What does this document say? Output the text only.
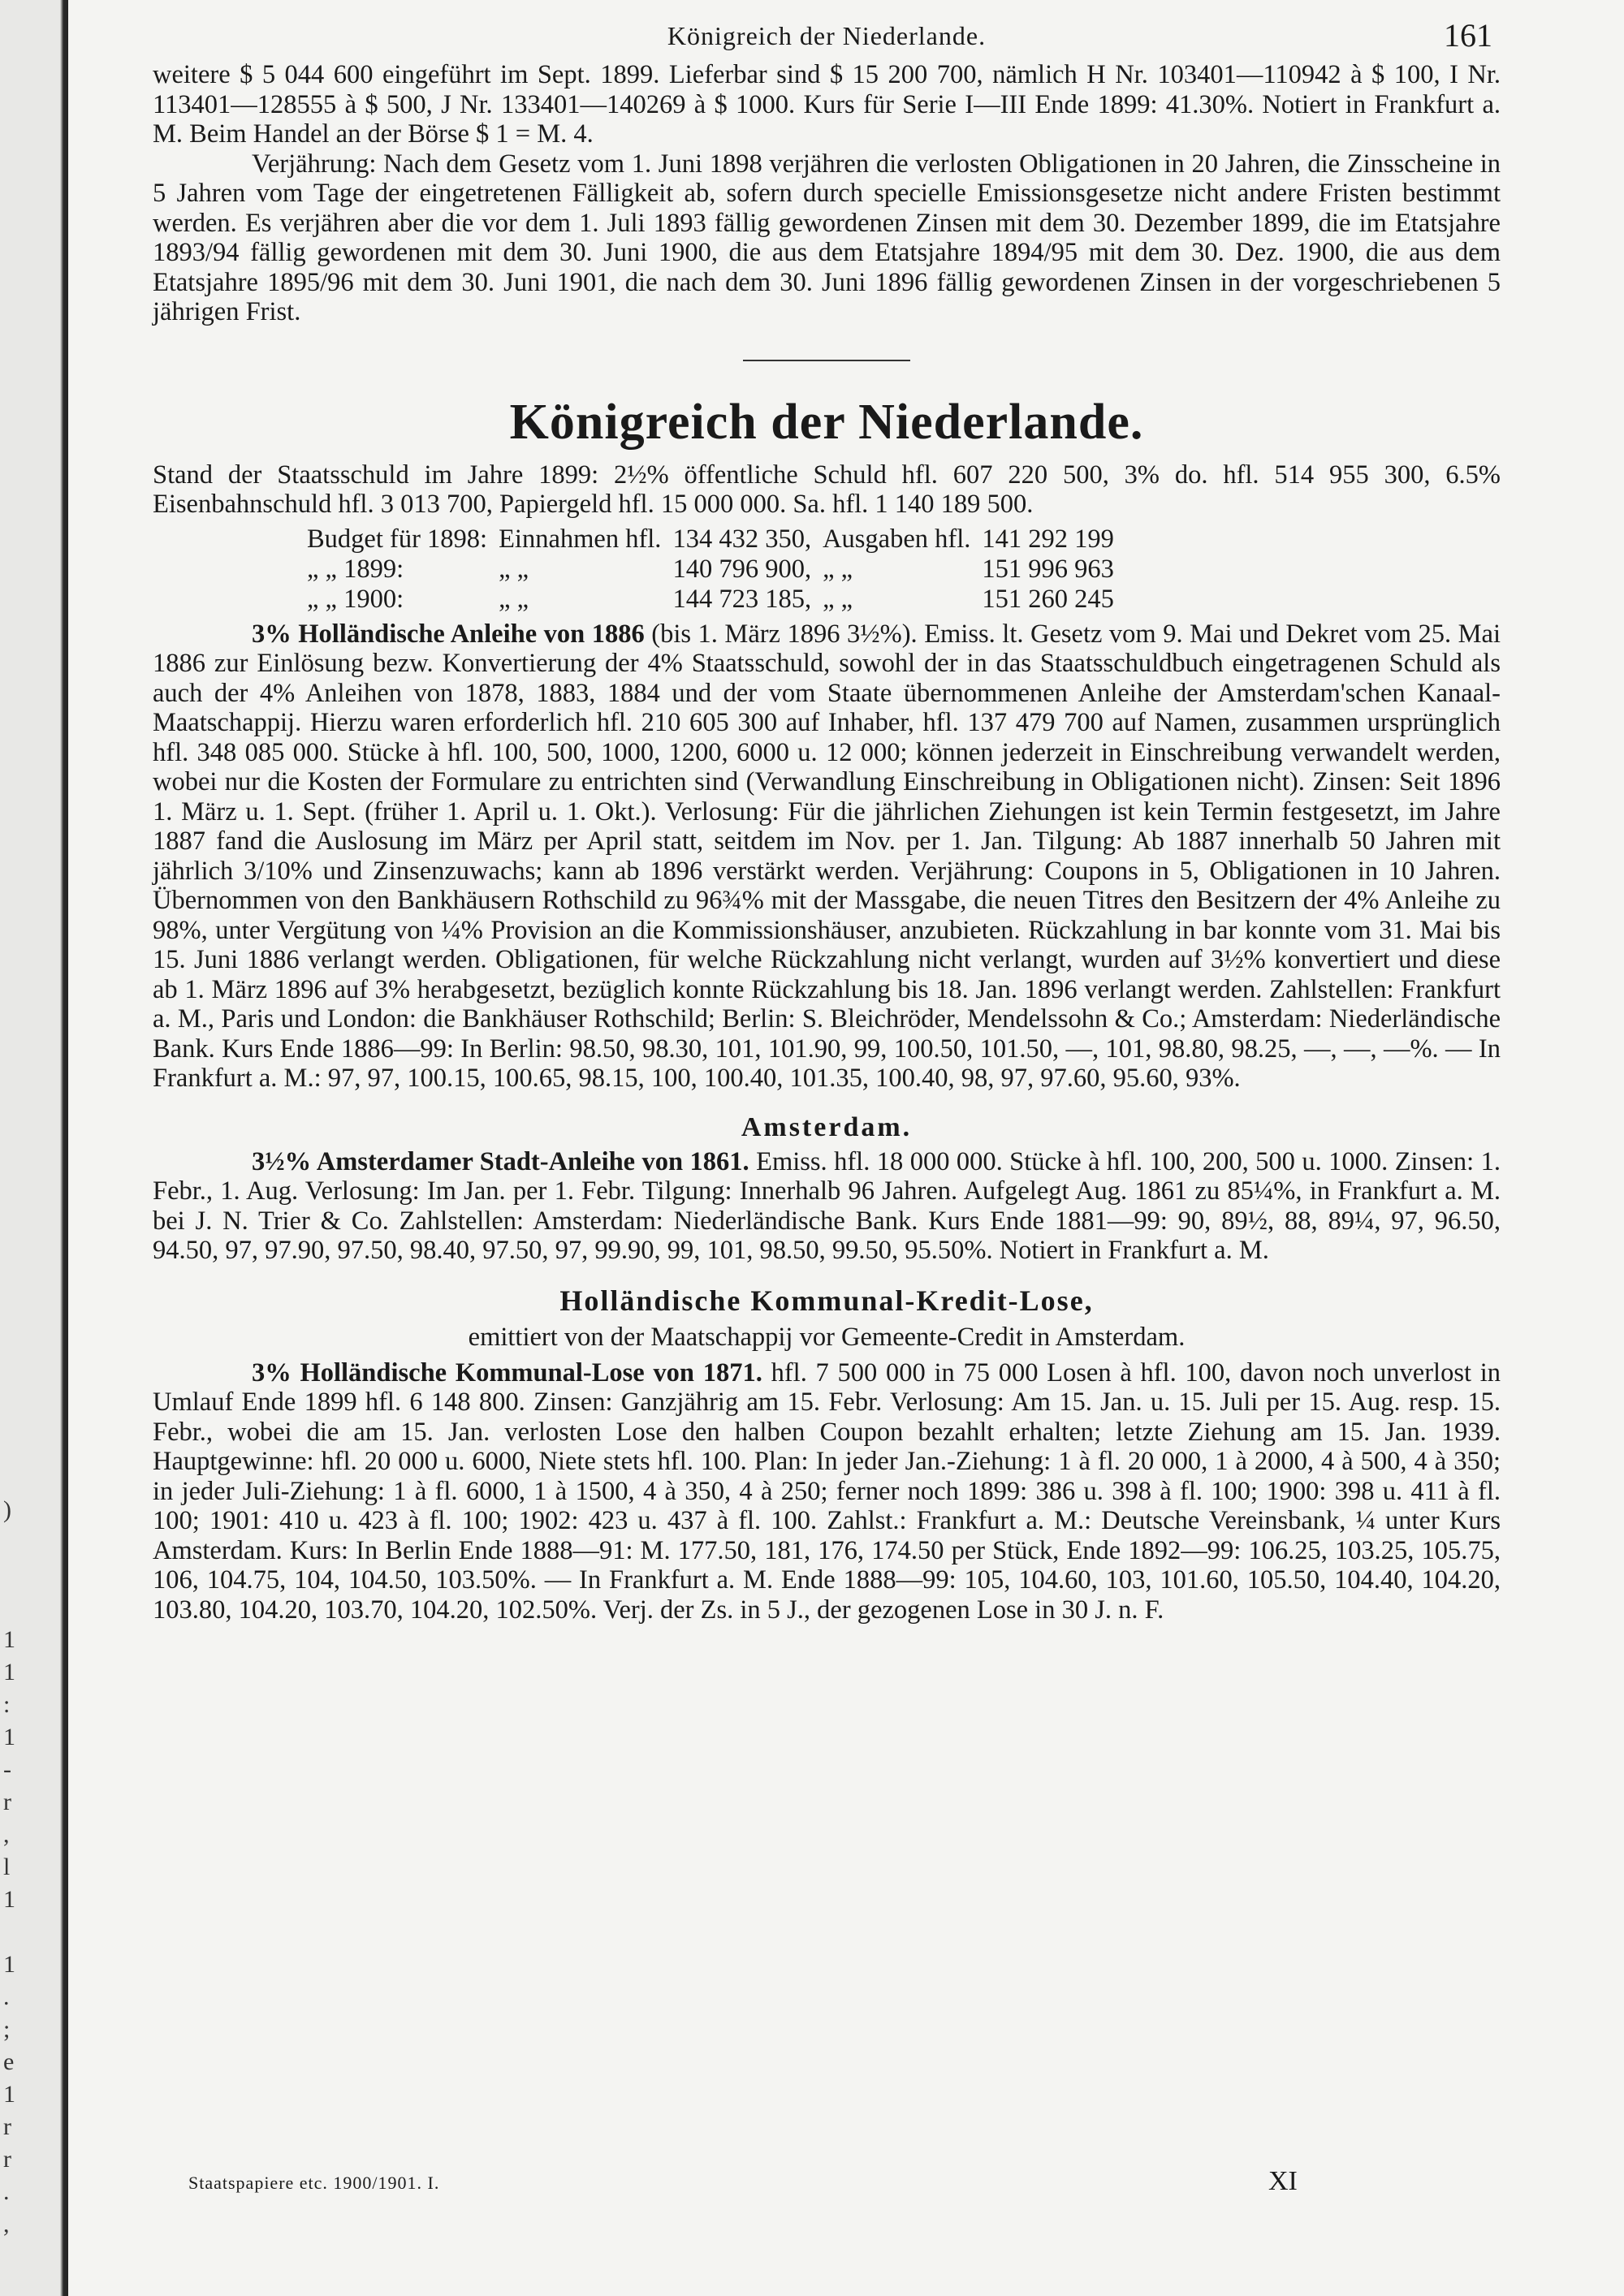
)
1
1
:
1
-
r
,
l
1
1
.
;
e
1
r
r
.
,
Königreich der Niederlande.	161

weitere $ 5 044 600 eingeführt im Sept. 1899. Lieferbar sind $ 15 200 700, nämlich H Nr. 103401—110942 à $ 100, I Nr. 113401—128555 à $ 500, J Nr. 133401—140269 à $ 1000. Kurs für Serie I—III Ende 1899: 41.30%. Notiert in Frankfurt a. M. Beim Handel an der Börse $ 1 = M. 4.

Verjährung: Nach dem Gesetz vom 1. Juni 1898 verjähren die verlosten Obligationen in 20 Jahren, die Zinsscheine in 5 Jahren vom Tage der eingetretenen Fälligkeit ab, sofern durch specielle Emissionsgesetze nicht andere Fristen bestimmt werden. Es verjähren aber die vor dem 1. Juli 1893 fällig gewordenen Zinsen mit dem 30. Dezember 1899, die im Etatsjahre 1893/94 fällig gewordenen mit dem 30. Juni 1900, die aus dem Etatsjahre 1894/95 mit dem 30. Dez. 1900, die aus dem Etatsjahre 1895/96 mit dem 30. Juni 1901, die nach dem 30. Juni 1896 fällig gewordenen Zinsen in der vorgeschriebenen 5 jährigen Frist.

Königreich der Niederlande.

Stand der Staatsschuld im Jahre 1899: 2½% öffentliche Schuld hfl. 607 220 500, 3% do. hfl. 514 955 300, 6.5% Eisenbahnschuld hfl. 3 013 700, Papiergeld hfl. 15 000 000. Sa. hfl. 1 140 189 500.

Budget für 1898:	Einnahmen hfl.	134 432 350,	Ausgaben hfl.	141 292 199
„ „ 1899:	„ „	140 796 900,	„ „	151 996 963
„ „ 1900:	„ „	144 723 185,	„ „	151 260 245

3% Holländische Anleihe von 1886 (bis 1. März 1896 3½%). Emiss. lt. Gesetz vom 9. Mai und Dekret vom 25. Mai 1886 zur Einlösung bezw. Konvertierung der 4% Staatsschuld, sowohl der in das Staatsschuldbuch eingetragenen Schuld als auch der 4% Anleihen von 1878, 1883, 1884 und der vom Staate übernommenen Anleihe der Amsterdam'schen Kanaal-Maatschappij. Hierzu waren erforderlich hfl. 210 605 300 auf Inhaber, hfl. 137 479 700 auf Namen, zusammen ursprünglich hfl. 348 085 000. Stücke à hfl. 100, 500, 1000, 1200, 6000 u. 12 000; können jederzeit in Einschreibung verwandelt werden, wobei nur die Kosten der Formulare zu entrichten sind (Verwandlung Einschreibung in Obligationen nicht). Zinsen: Seit 1896 1. März u. 1. Sept. (früher 1. April u. 1. Okt.). Verlosung: Für die jährlichen Ziehungen ist kein Termin festgesetzt, im Jahre 1887 fand die Auslosung im März per April statt, seitdem im Nov. per 1. Jan. Tilgung: Ab 1887 innerhalb 50 Jahren mit jährlich 3/10% und Zinsenzuwachs; kann ab 1896 verstärkt werden. Verjährung: Coupons in 5, Obligationen in 10 Jahren. Übernommen von den Bankhäusern Rothschild zu 96¾% mit der Massgabe, die neuen Titres den Besitzern der 4% Anleihe zu 98%, unter Vergütung von ¼% Provision an die Kommissionshäuser, anzubieten. Rückzahlung in bar konnte vom 31. Mai bis 15. Juni 1886 verlangt werden. Obligationen, für welche Rückzahlung nicht verlangt, wurden auf 3½% konvertiert und diese ab 1. März 1896 auf 3% herabgesetzt, bezüglich konnte Rückzahlung bis 18. Jan. 1896 verlangt werden. Zahlstellen: Frankfurt a. M., Paris und London: die Bankhäuser Rothschild; Berlin: S. Bleichröder, Mendelssohn & Co.; Amsterdam: Niederländische Bank. Kurs Ende 1886—99: In Berlin: 98.50, 98.30, 101, 101.90, 99, 100.50, 101.50, —, 101, 98.80, 98.25, —, —, —%. — In Frankfurt a. M.: 97, 97, 100.15, 100.65, 98.15, 100, 100.40, 101.35, 100.40, 98, 97, 97.60, 95.60, 93%.

Amsterdam.

3½% Amsterdamer Stadt-Anleihe von 1861. Emiss. hfl. 18 000 000. Stücke à hfl. 100, 200, 500 u. 1000. Zinsen: 1. Febr., 1. Aug. Verlosung: Im Jan. per 1. Febr. Tilgung: Innerhalb 96 Jahren. Aufgelegt Aug. 1861 zu 85¼%, in Frankfurt a. M. bei J. N. Trier & Co. Zahlstellen: Amsterdam: Niederländische Bank. Kurs Ende 1881—99: 90, 89½, 88, 89¼, 97, 96.50, 94.50, 97, 97.90, 97.50, 98.40, 97.50, 97, 99.90, 99, 101, 98.50, 99.50, 95.50%. Notiert in Frankfurt a. M.

Holländische Kommunal-Kredit-Lose,
emittiert von der Maatschappij vor Gemeente-Credit in Amsterdam.

3% Holländische Kommunal-Lose von 1871. hfl. 7 500 000 in 75 000 Losen à hfl. 100, davon noch unverlost in Umlauf Ende 1899 hfl. 6 148 800. Zinsen: Ganzjährig am 15. Febr. Verlosung: Am 15. Jan. u. 15. Juli per 15. Aug. resp. 15. Febr., wobei die am 15. Jan. verlosten Lose den halben Coupon bezahlt erhalten; letzte Ziehung am 15. Jan. 1939. Hauptgewinne: hfl. 20 000 u. 6000, Niete stets hfl. 100. Plan: In jeder Jan.-Ziehung: 1 à fl. 20 000, 1 à 2000, 4 à 500, 4 à 350; in jeder Juli-Ziehung: 1 à fl. 6000, 1 à 1500, 4 à 350, 4 à 250; ferner noch 1899: 386 u. 398 à fl. 100; 1900: 398 u. 411 à fl. 100; 1901: 410 u. 423 à fl. 100; 1902: 423 u. 437 à fl. 100. Zahlst.: Frankfurt a. M.: Deutsche Vereinsbank, ¼ unter Kurs Amsterdam. Kurs: In Berlin Ende 1888—91: M. 177.50, 181, 176, 174.50 per Stück, Ende 1892—99: 106.25, 103.25, 105.75, 106, 104.75, 104, 104.50, 103.50%. — In Frankfurt a. M. Ende 1888—99: 105, 104.60, 103, 101.60, 105.50, 104.40, 104.20, 103.80, 104.20, 103.70, 104.20, 102.50%. Verj. der Zs. in 5 J., der gezogenen Lose in 30 J. n. F.

Staatspapiere etc. 1900/1901. I.	XI
